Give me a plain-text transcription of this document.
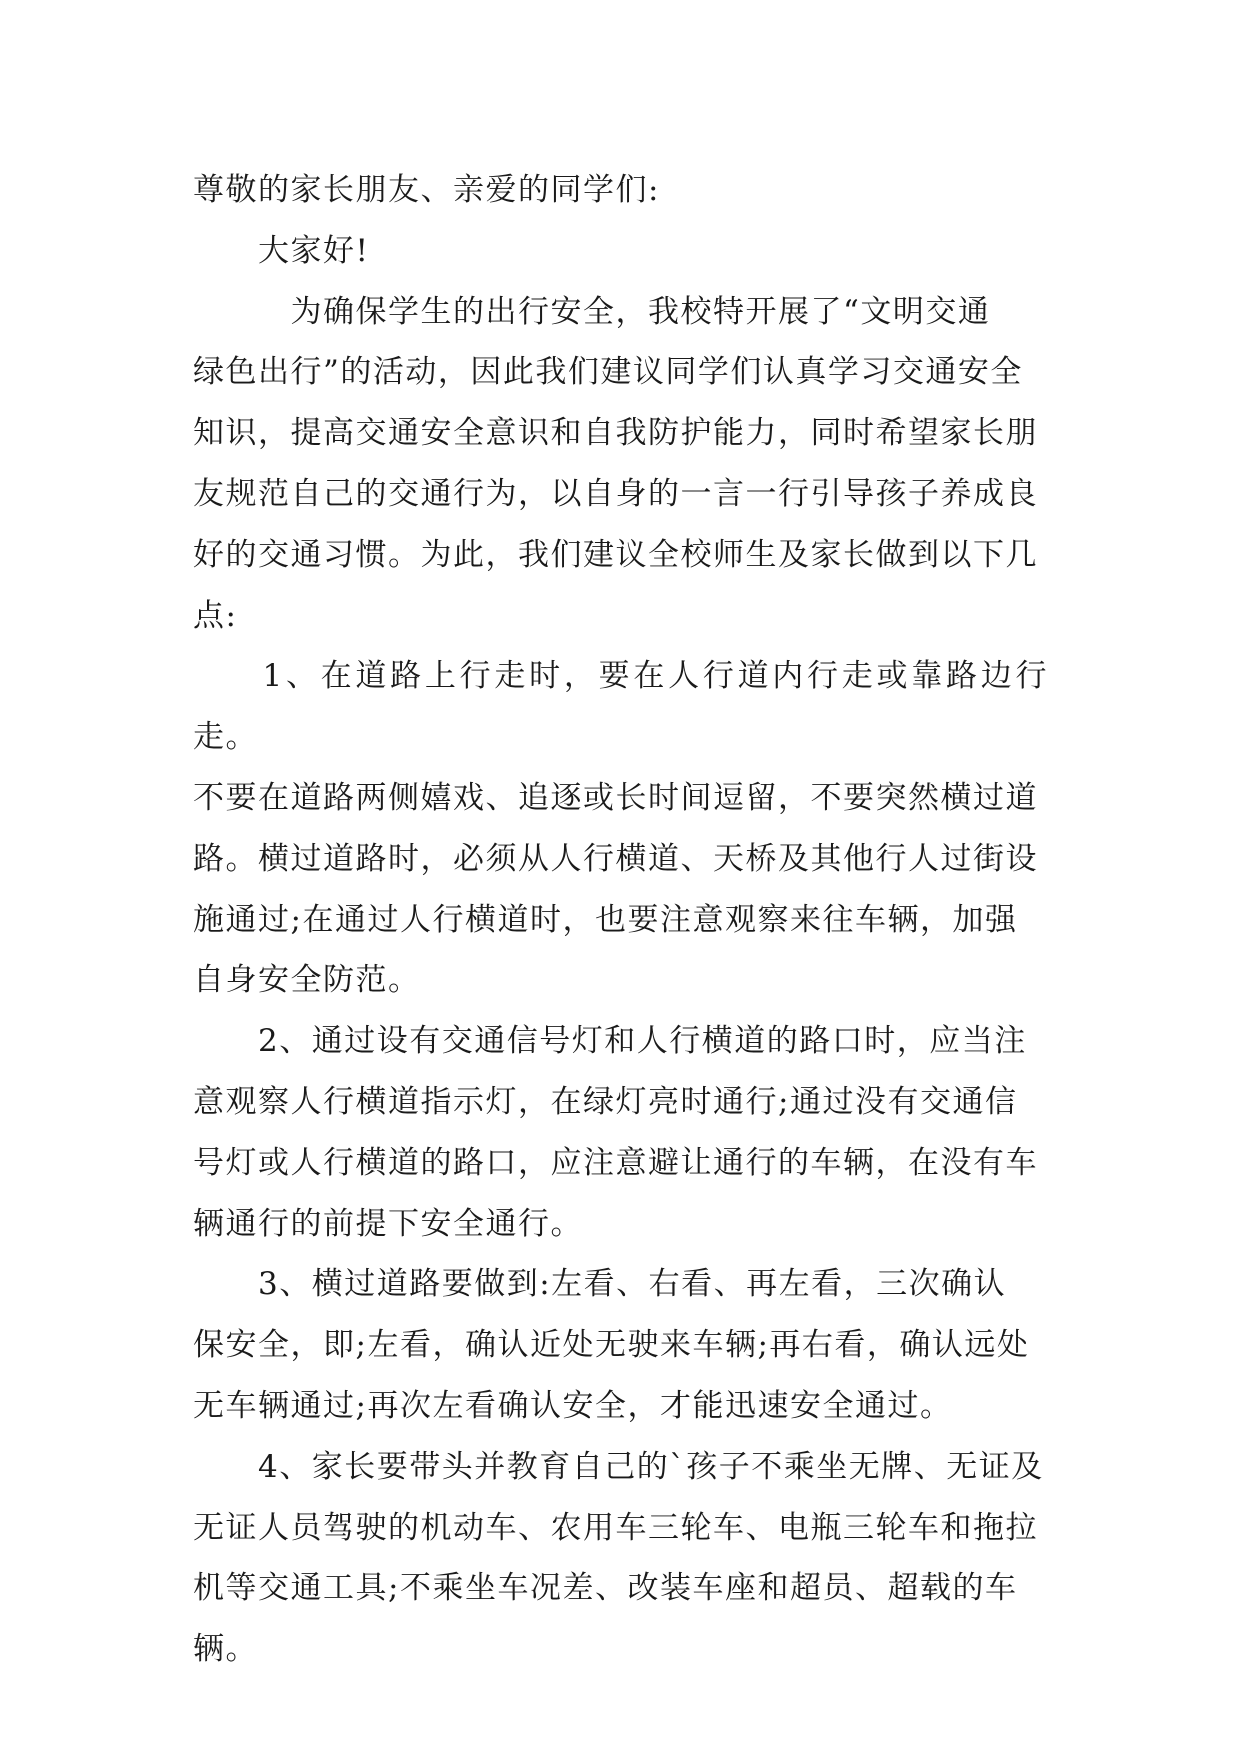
尊敬的家长朋友、亲爱的同学们:

　　大家好!

　　　为确保学生的出行安全，我校特开展了“文明交通

绿色出行”的活动，因此我们建议同学们认真学习交通安全

知识，提高交通安全意识和自我防护能力，同时希望家长朋

友规范自己的交通行为，以自身的一言一行引导孩子养成良

好的交通习惯。为此，我们建议全校师生及家长做到以下几

点:

　　1、在道路上行走时，要在人行道内行走或靠路边行走。

不要在道路两侧嬉戏、追逐或长时间逗留，不要突然横过道

路。横过道路时，必须从人行横道、天桥及其他行人过街设

施通过;在通过人行横道时，也要注意观察来往车辆，加强

自身安全防范。

　　2、通过设有交通信号灯和人行横道的路口时，应当注

意观察人行横道指示灯，在绿灯亮时通行;通过没有交通信

号灯或人行横道的路口，应注意避让通行的车辆，在没有车

辆通行的前提下安全通行。

　　3、横过道路要做到:左看、右看、再左看，三次确认

保安全，即;左看，确认近处无驶来车辆;再右看，确认远处

无车辆通过;再次左看确认安全，才能迅速安全通过。

　　4、家长要带头并教育自己的`孩子不乘坐无牌、无证及

无证人员驾驶的机动车、农用车三轮车、电瓶三轮车和拖拉

机等交通工具;不乘坐车况差、改装车座和超员、超载的车

辆。
